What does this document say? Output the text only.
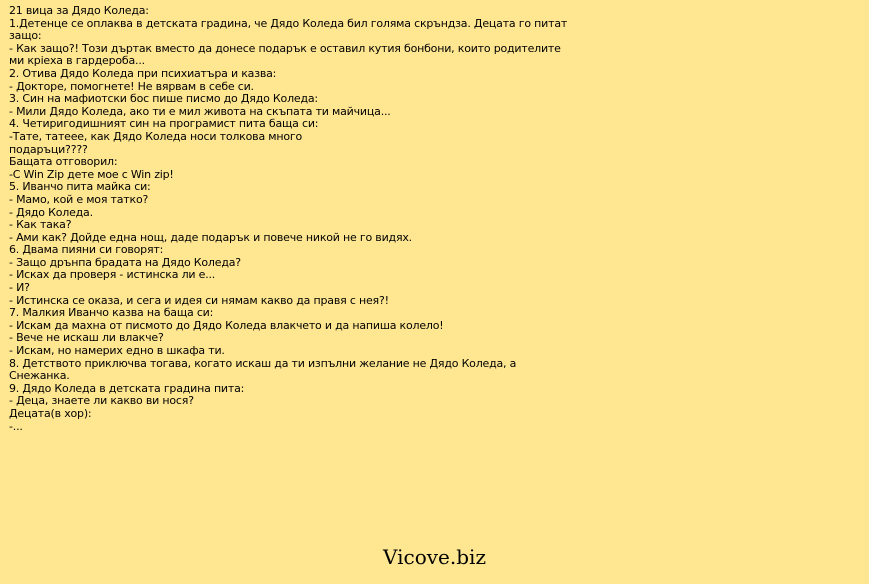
21 вица за Дядо Коледа:
1.Детенце се оплаква в детската градина, че Дядо Коледа бил голяма скръндза. Децата го питат
защо:
- Как защо?! Този дъртак вместо да донесе подарък е оставил кутия бонбони, които родителите
ми крieха в гардероба...
2. Отива Дядо Коледа при психиатъра и казва:
- Докторе, помогнете! Не вярвам в себе си.
3. Син на мафиотски бос пише писмо до Дядо Коледа:
- Мили Дядо Коледа, ако ти е мил живота на скъпата ти майчица...
4. Четиригодишният син на програмист пита баща си:
-Тате, татеее, как Дядо Коледа носи толкова много
подаръци????
Бащата отговорил:
-С Win Zip дете мое с Win zip!
5. Иванчо пита майка си:
- Мамо, кой е моя татко?
- Дядо Коледа.
- Как така?
- Ами как? Дойде една нощ, даде подарък и повече никой не го видях.
6. Двама пияни си говорят:
- Защо дрънпа брадата на Дядо Коледа?
- Исках да проверя - истинска ли е...
- И?
- Истинска се оказа, и сега и идея си нямам какво да правя с нея?!
7. Малкия Иванчо казва на баща си:
- Искам да махна от писмото до Дядо Коледа влакчето и да напиша колело!
- Вече не искаш ли влакче?
- Искам, но намерих едно в шкафа ти.
8. Детството приключва тогава, когато искаш да ти изпълни желание не Дядо Коледа, а
Снежанка.
9. Дядо Коледа в детската градина пита:
- Деца, знаете ли какво ви нося?
Децата(в хор):
-...
Vicove.biz
